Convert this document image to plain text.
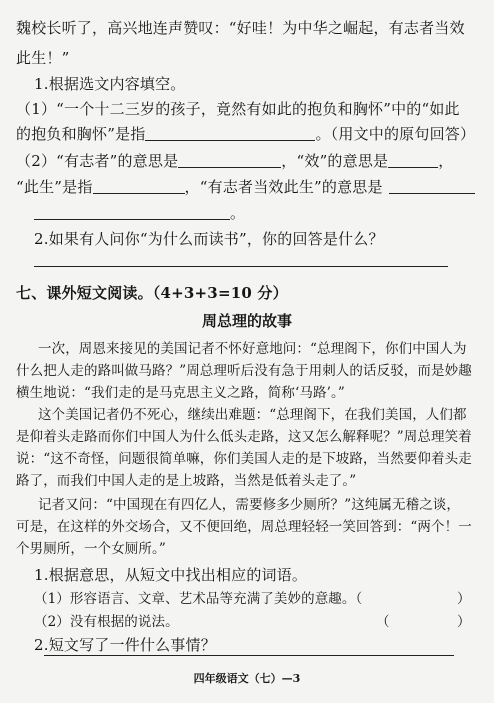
魏校长听了，高兴地连声赞叹：“好哇！为中华之崛起，有志者当效
此生！”
1.根据选文内容填空。
（1）“一个十二三岁的孩子，竟然有如此的抱负和胸怀”中的“如此
的抱负和胸怀”是指	。（用文中的原句回答）
（2）“有志者”的意思是	，“效”的意思是	，
“此生”是指	，“有志者当效此生”的意思是
。
2.如果有人问你“为什么而读书”，你的回答是什么？
七、课外短文阅读。（4+3+3=10 分）
周总理的故事
一次，周恩来接见的美国记者不怀好意地问：“总理阁下，你们中国人为
什么把人走的路叫做马路？”周总理听后没有急于用刺人的话反驳，而是妙趣
横生地说：“我们走的是马克思主义之路，简称‘马路’。”
这个美国记者仍不死心，继续出难题：“总理阁下，在我们美国，人们都
是仰着头走路而你们中国人为什么低头走路，这又怎么解释呢？”周总理笑着
说：“这不奇怪，问题很简单嘛，你们美国人走的是下坡路，当然要仰着头走
路了，而我们中国人走的是上坡路，当然是低着头走了。”
记者又问：“中国现在有四亿人，需要修多少厕所？”这纯属无稽之谈，
可是，在这样的外交场合，又不便回绝，周总理轻轻一笑回答到：“两个！一
个男厕所，一个女厕所。”
1.根据意思，从短文中找出相应的词语。
（1）形容语言、文章、艺术品等充满了美妙的意趣。（	）
（2）没有根据的说法。	（	）
2.短文写了一件什么事情？
四年级语文（七）—3
